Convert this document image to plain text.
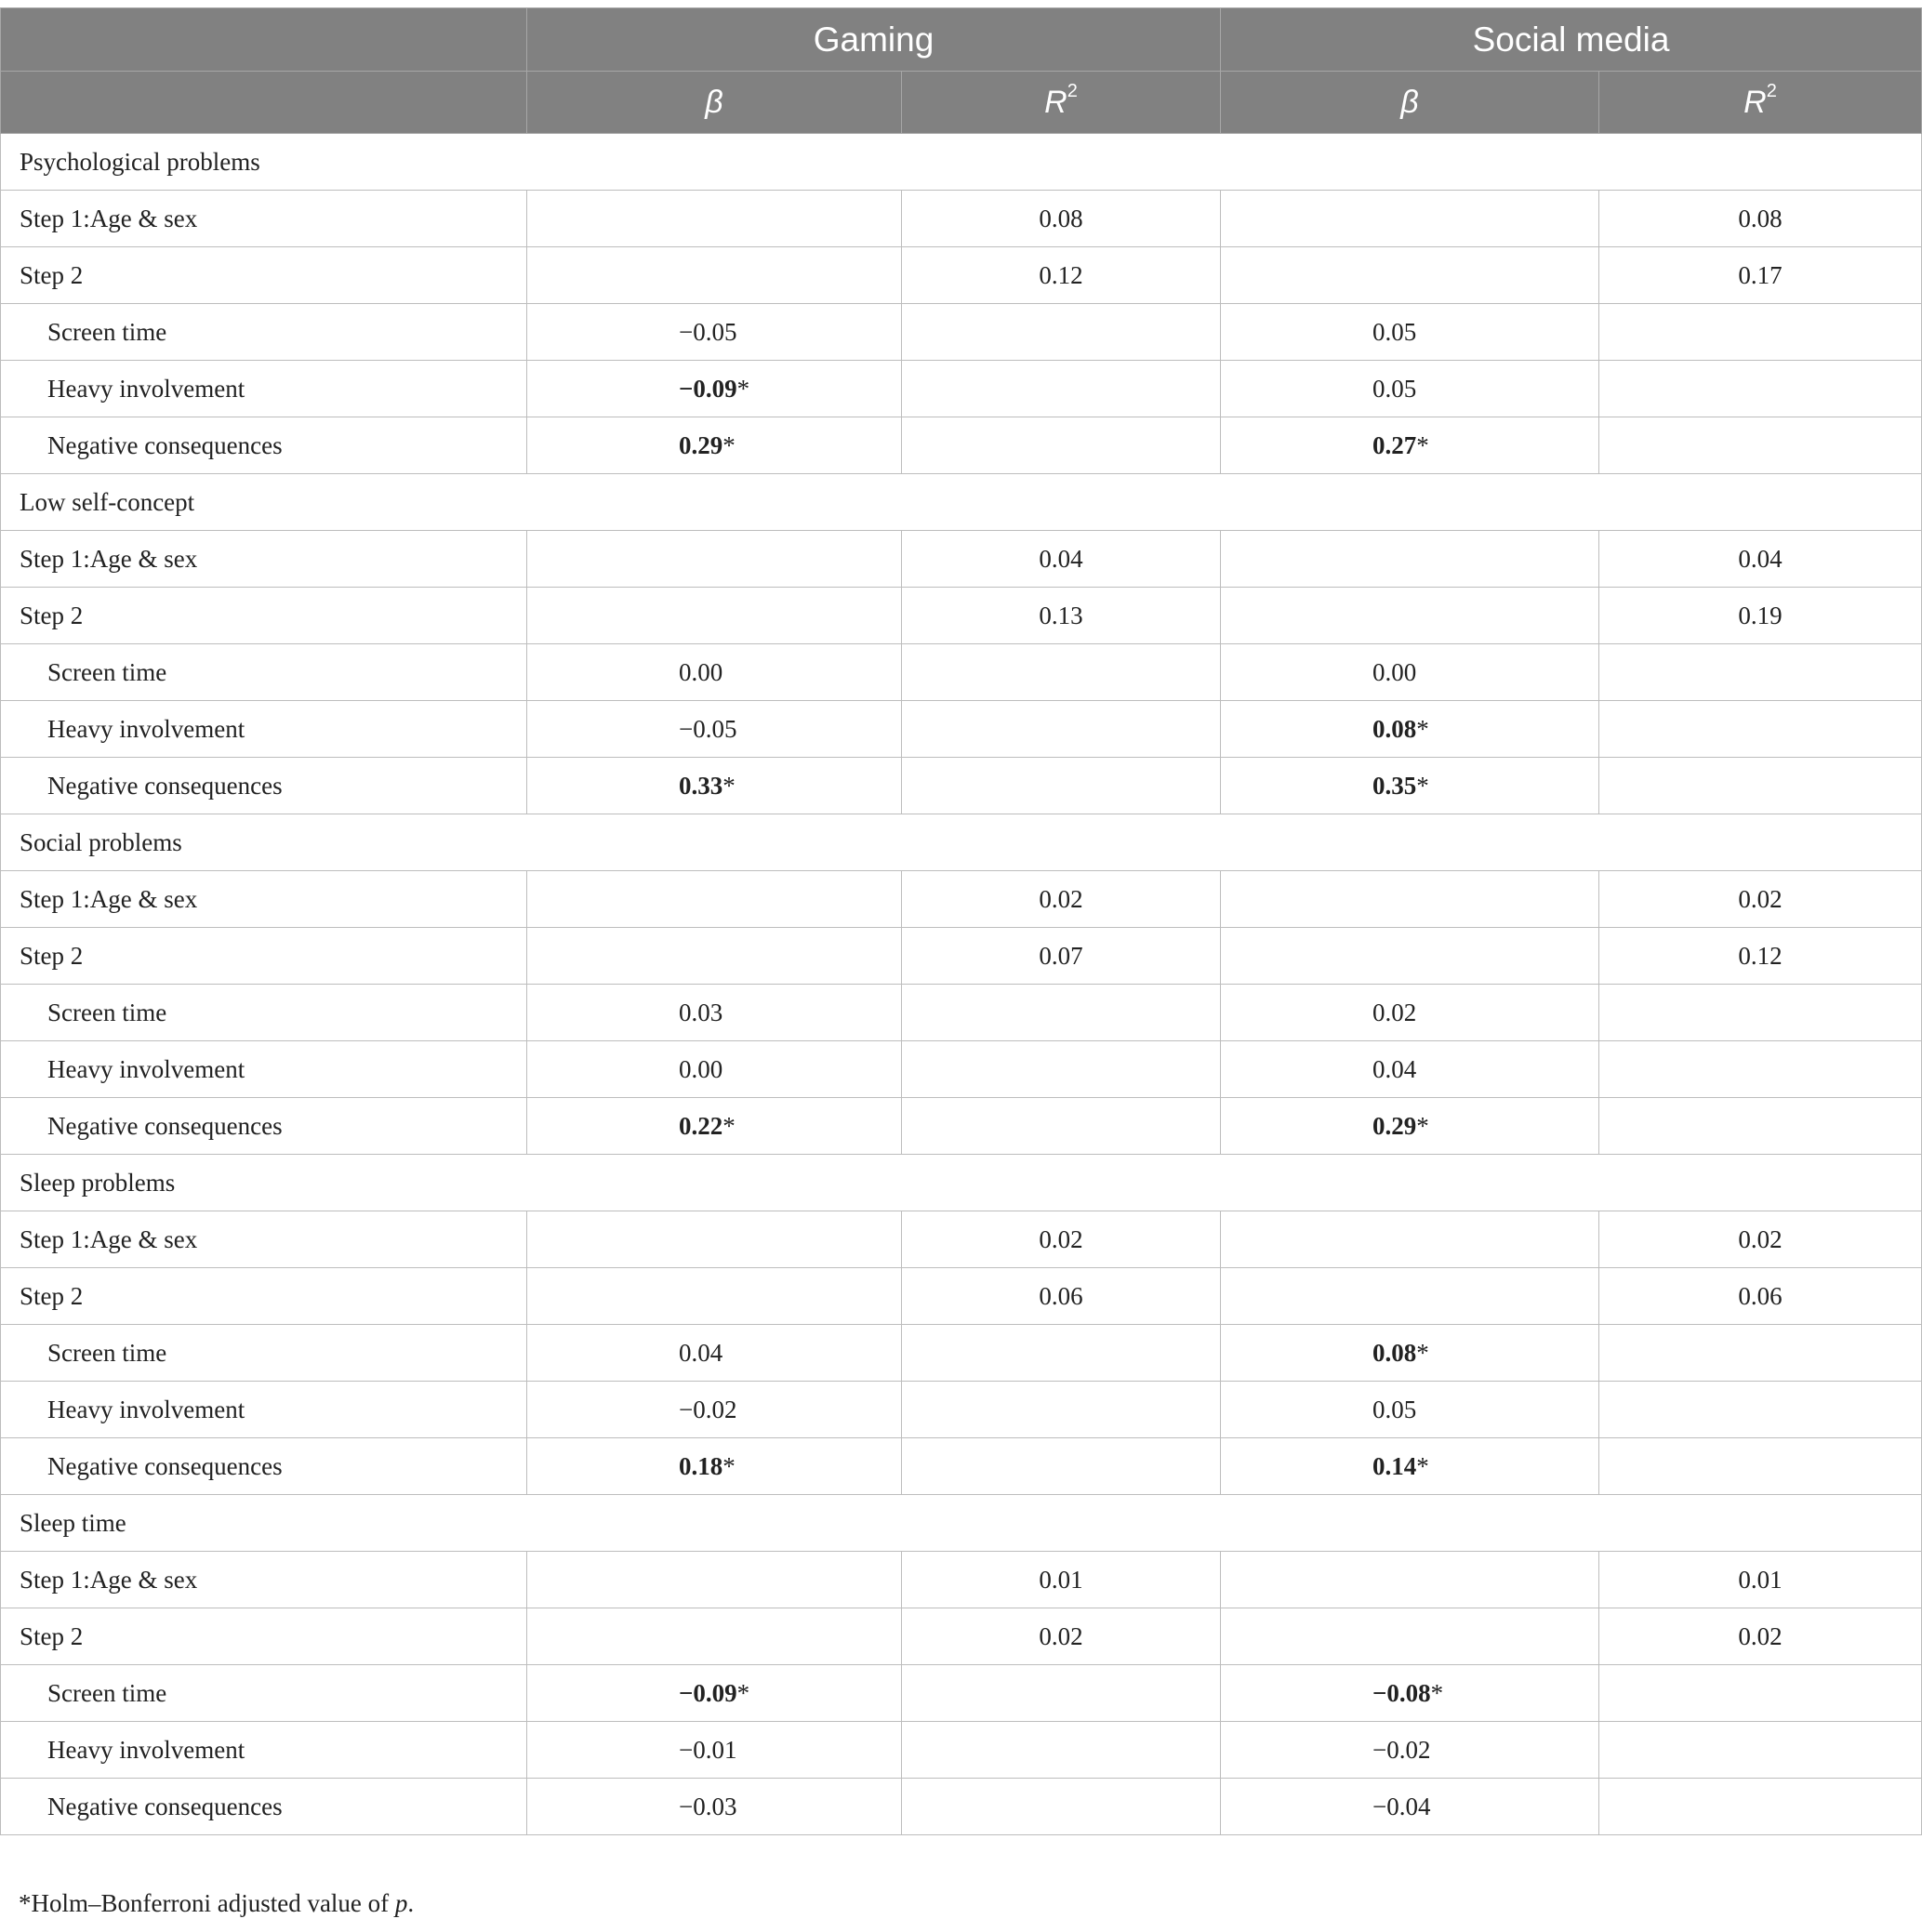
	Gaming		Social media	
	β	$R^2$	β	$R^2$
Psychological problems				
Step 1:Age & sex		0.08		0.08
Step 2		0.12		0.17
Screen time	−0.05		0.05	
Heavy involvement	−0.09*		0.05	
Negative consequences	0.29*		0.27*	
Low self-concept				
Step 1:Age & sex		0.04		0.04
Step 2		0.13		0.19
Screen time	0.00		0.00	
Heavy involvement	−0.05		0.08*	
Negative consequences	0.33*		0.35*	
Social problems				
Step 1:Age & sex		0.02		0.02
Step 2		0.07		0.12
Screen time	0.03		0.02	
Heavy involvement	0.00		0.04	
Negative consequences	0.22*		0.29*	
Sleep problems				
Step 1:Age & sex		0.02		0.02
Step 2		0.06		0.06
Screen time	0.04		0.08*	
Heavy involvement	−0.02		0.05	
Negative consequences	0.18*		0.14*	
Sleep time				
Step 1:Age & sex		0.01		0.01
Step 2		0.02		0.02
Screen time	−0.09*		−0.08*	
Heavy involvement	−0.01		−0.02	
Negative consequences	−0.03		−0.04	
*Holm–Bonferroni adjusted value of p.
